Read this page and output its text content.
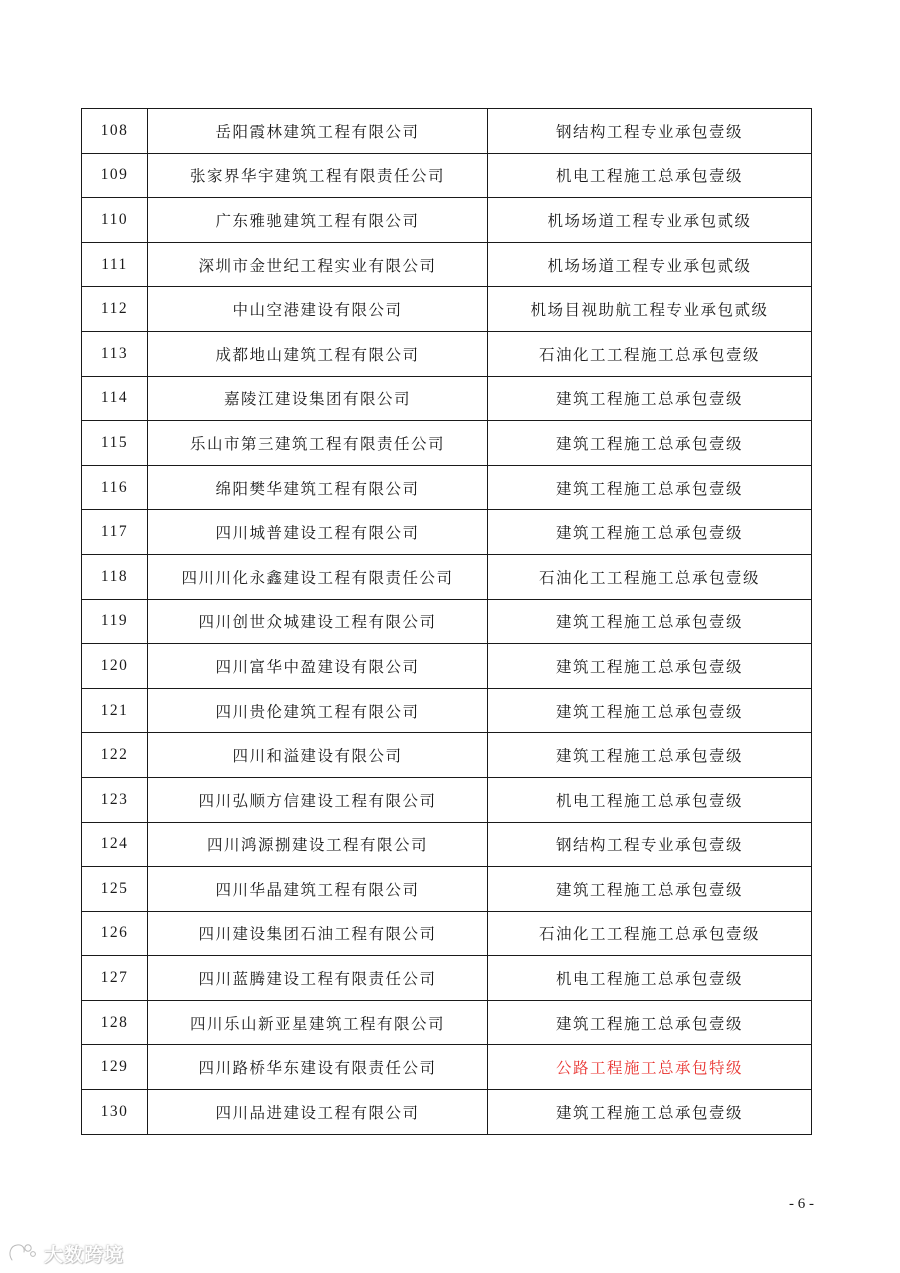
108	岳阳霞林建筑工程有限公司	钢结构工程专业承包壹级
109	张家界华宇建筑工程有限责任公司	机电工程施工总承包壹级
110	广东雅驰建筑工程有限公司	机场场道工程专业承包贰级
111	深圳市金世纪工程实业有限公司	机场场道工程专业承包贰级
112	中山空港建设有限公司	机场目视助航工程专业承包贰级
113	成都地山建筑工程有限公司	石油化工工程施工总承包壹级
114	嘉陵江建设集团有限公司	建筑工程施工总承包壹级
115	乐山市第三建筑工程有限责任公司	建筑工程施工总承包壹级
116	绵阳樊华建筑工程有限公司	建筑工程施工总承包壹级
117	四川城普建设工程有限公司	建筑工程施工总承包壹级
118	四川川化永鑫建设工程有限责任公司	石油化工工程施工总承包壹级
119	四川创世众城建设工程有限公司	建筑工程施工总承包壹级
120	四川富华中盈建设有限公司	建筑工程施工总承包壹级
121	四川贵伦建筑工程有限公司	建筑工程施工总承包壹级
122	四川和溢建设有限公司	建筑工程施工总承包壹级
123	四川弘顺方信建设工程有限公司	机电工程施工总承包壹级
124	四川鸿源捌建设工程有限公司	钢结构工程专业承包壹级
125	四川华晶建筑工程有限公司	建筑工程施工总承包壹级
126	四川建设集团石油工程有限公司	石油化工工程施工总承包壹级
127	四川蓝腾建设工程有限责任公司	机电工程施工总承包壹级
128	四川乐山新亚星建筑工程有限公司	建筑工程施工总承包壹级
129	四川路桥华东建设有限责任公司	公路工程施工总承包特级
130	四川品进建设工程有限公司	建筑工程施工总承包壹级
- 6 -
大数跨境
